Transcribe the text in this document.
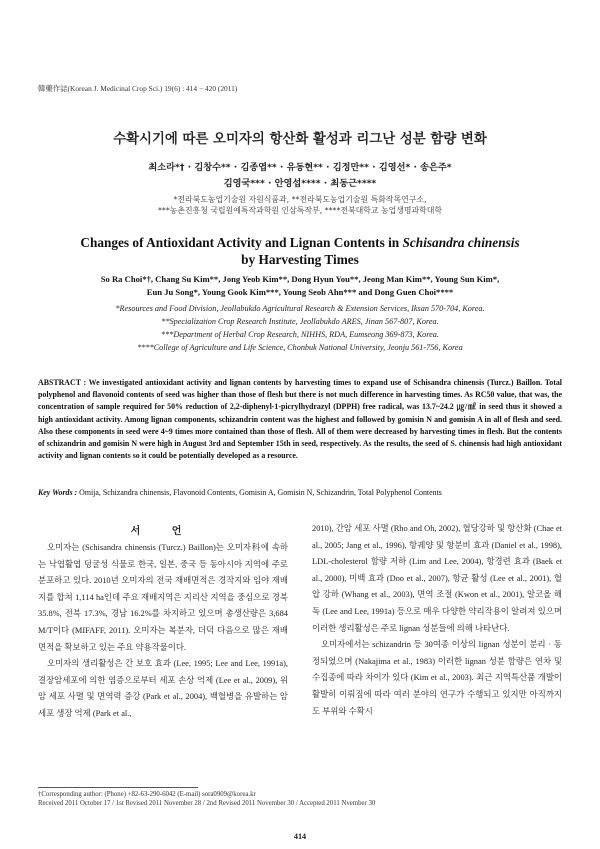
韓藥作誌(Korean J. Medicinal Crop Sci.) 19(6) : 414 − 420 (2011)
수확시기에 따른 오미자의 항산화 활성과 리그난 성분 함량 변화
최소라*† · 김창수** · 김종엽** · 유동현** · 김정만** · 김영선* · 송은주*
김영국*** · 안영섭**** · 최동근****
*전라북도농업기술원 자원식품과, **전라북도농업기술원 특화작목연구소,
***농촌진흥청 국립원예특작과학원 인삼특작부, ****전북대학교 농업생명과학대학
Changes of Antioxidant Activity and Lignan Contents in Schisandra chinensis
by Harvesting Times
So Ra Choi*†, Chang Su Kim**, Jong Yeob Kim**, Dong Hyun You**, Jeong Man Kim**, Young Sun Kim*,
Eun Ju Song*, Young Gook Kim***, Young Seob Ahn*** and Dong Guen Choi****
*Resources and Food Division, Jeollabukdo Agricultural Research & Extension Services, Iksan 570-704, Korea.
**Specialization Crop Research Institute, Jeollabukdo ARES, Jinan 567-807, Korea.
***Department of Herbal Crop Research, NIHHS, RDA, Eumseong 369-873, Korea.
****College of Agriculture and Life Science, Chonbuk National University, Jeonju 561-756, Korea
ABSTRACT : We investigated antioxidant activity and lignan contents by harvesting times to expand use of Schisandra chinensis (Turcz.) Baillon. Total polyphenol and flavonoid contents of seed was higher than those of flesh but there is not much difference in harvesting times. As RC50 value, that was, the concentration of sample required for 50% reduction of 2,2-diphenyl-1-picrylhydrazyl (DPPH) free radical, was 13.7~24.2 ㎍/㎖ in seed thus it showed a high antioxidant activity. Among lignan components, schizandrin content was the highest and followed by gomisin N and gomisin A in all of flesh and seed. Also these components in seed were 4~9 times more contained than those of flesh. All of them were decreased by harvesting times in flesh. But the contents of schizandrin and gomisin N were high in August 3rd and September 15th in seed, respectively. As the results, the seed of S. chinensis had high antioxidant activity and lignan contents so it could be potentially developed as a resource.
Key Words : Omija, Schizandra chinensis, Flavonoid Contents, Gomisin A, Gomisin N, Schizandrin, Total Polyphenol Contents
서 언

오미자는 (Schisandra chinensis (Turcz.) Baillon)는 오미자科에 속하는 낙엽활엽 덩굴성 식물로 한국, 일본, 중국 등 동아시아 지역에 주로 분포하고 있다. 2010년 오미자의 전국 재배면적은 경작지와 임야 재배지를 합쳐 1,114 ha인데 주요 재배지역은 지리산 지역을 중심으로 경북 35.8%, 전북 17.3%, 경남 16.2%를 차지하고 있으며 총생산량은 3,684 M/T이다 (MIFAFF, 2011). 오미자는 복분자, 더덕 다음으로 많은 재배면적을 확보하고 있는 주요 약용작물이다.

오미자의 생리활성은 간 보호 효과 (Lee, 1995; Lee and Lee, 1991a), 결장암세포에 의한 염증으로부터 세포 손상 억제 (Lee et al., 2009), 위암 세포 사멸 및 면역력 증강 (Park et al., 2004), 백혈병을 유발하는 암세포 생장 억제 (Park et al.,

2010), 간암 세포 사멸 (Rho and Oh, 2002), 혈당강하 및 항산화 (Chae et al., 2005; Jang et al., 1996), 항궤양 및 항분비 효과 (Daniel et al., 1998), LDL-cholesterol 함량 저하 (Lim and Lee, 2004), 항경련 효과 (Baek et al., 2000), 미백 효과 (Doo et al., 2007), 항균 활성 (Lee et al., 2001), 혈압 강하 (Whang et al., 2003), 면역 조절 (Kwon et al., 2001), 알코올 해독 (Lee and Lee, 1991a) 등으로 매우 다양한 약리작용이 알려져 있으며 이러한 생리활성은 주로 lignan 성분들에 의해 나타난다.

오미자에서는 schizandrin 등 30여종 이상의 lignan 성분이 분리 · 동정되었으며 (Nakajima et al., 1983) 이러한 lignan 성분 함량은 연차 및 수집종에 따라 차이가 있다 (Kim et al., 2003). 최근 지역특산품 개발이 활발히 이뤄짐에 따라 여러 분야의 연구가 수행되고 있지만 아직까지도 부위와 수확시

†Corresponding author: (Phone) +82-63-290-6042 (E-mail) sora0909@korea.kr
Received 2011 October 17 / 1st Revised 2011 November 28 / 2nd Revised 2011 November 30 / Accepted 2011 Nvember 30
414
